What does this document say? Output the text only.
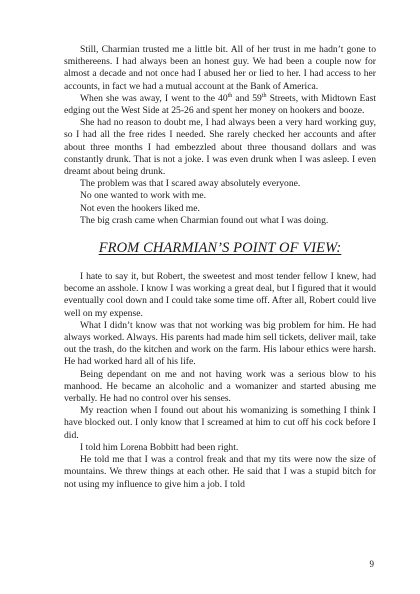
Still, Charmian trusted me a little bit. All of her trust in me hadn’t gone to smithereens. I had always been an honest guy. We had been a couple now for almost a decade and not once had I abused her or lied to her. I had access to her accounts, in fact we had a mutual account at the Bank of America.

When she was away, I went to the 40th and 59th Streets, with Midtown East edging out the West Side at 25-26 and spent her money on hookers and booze.

She had no reason to doubt me, I had always been a very hard working guy, so I had all the free rides I needed. She rarely checked her accounts and after about three months I had embezzled about three thousand dollars and was constantly drunk. That is not a joke. I was even drunk when I was asleep. I even dreamt about being drunk.

The problem was that I scared away absolutely everyone.

No one wanted to work with me.

Not even the hookers liked me.

The big crash came when Charmian found out what I was doing.

FROM CHARMIAN’S POINT OF VIEW:

I hate to say it, but Robert, the sweetest and most tender fellow I knew, had become an asshole. I know I was working a great deal, but I figured that it would eventually cool down and I could take some time off. After all, Robert could live well on my expense.

What I didn’t know was that not working was big problem for him. He had always worked. Always. His parents had made him sell tickets, deliver mail, take out the trash, do the kitchen and work on the farm. His labour ethics were harsh. He had worked hard all of his life.

Being dependant on me and not having work was a serious blow to his manhood. He became an alcoholic and a womanizer and started abusing me verbally. He had no control over his senses.

My reaction when I found out about his womanizing is something I think I have blocked out. I only know that I screamed at him to cut off his cock before I did.

I told him Lorena Bobbitt had been right.

He told me that I was a control freak and that my tits were now the size of mountains. We threw things at each other. He said that I was a stupid bitch for not using my influence to give him a job. I told

9
